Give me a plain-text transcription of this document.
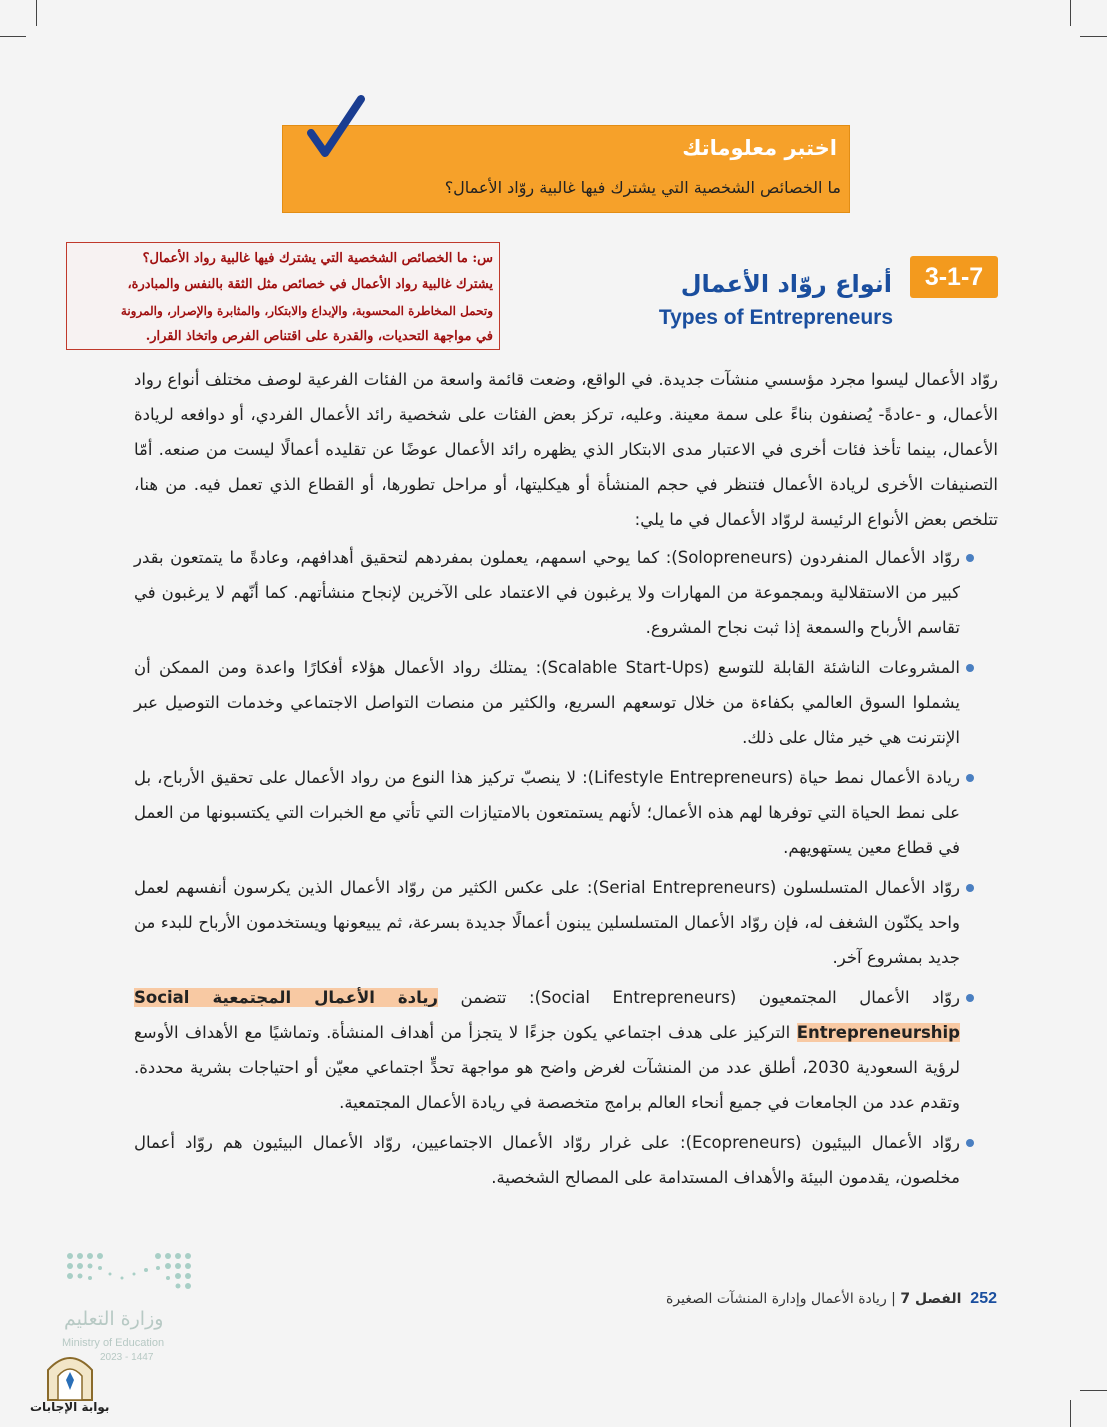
اختبر معلوماتك
ما الخصائص الشخصية التي يشترك فيها غالبية روّاد الأعمال؟
س: ما الخصائص الشخصية التي يشترك فيها غالبية رواد الأعمال؟
يشترك غالبية رواد الأعمال في خصائص مثل الثقة بالنفس والمبادرة،
وتحمل المخاطرة المحسوبة، والإبداع والابتكار، والمثابرة والإصرار، والمرونة
في مواجهة التحديات، والقدرة على اقتناص الفرص واتخاذ القرار.
3-1-7
أنواع روّاد الأعمال
Types of Entrepreneurs

روّاد الأعمال ليسوا مجرد مؤسسي منشآت جديدة. في الواقع، وضعت قائمة واسعة من الفئات الفرعية لوصف مختلف أنواع رواد الأعمال، و -عادةً- يُصنفون بناءً على سمة معينة. وعليه، تركز بعض الفئات على شخصية رائد الأعمال الفردي، أو دوافعه لريادة الأعمال، بينما تأخذ فئات أخرى في الاعتبار مدى الابتكار الذي يظهره رائد الأعمال عوضًا عن تقليده أعمالًا ليست من صنعه. أمّا التصنيفات الأخرى لريادة الأعمال فتنظر في حجم المنشأة أو هيكليتها، أو مراحل تطورها، أو القطاع الذي تعمل فيه. من هنا، تتلخص بعض الأنواع الرئيسة لروّاد الأعمال في ما يلي:

روّاد الأعمال المنفردون (Solopreneurs): كما يوحي اسمهم، يعملون بمفردهم لتحقيق أهدافهم، وعادةً ما يتمتعون بقدر كبير من الاستقلالية وبمجموعة من المهارات ولا يرغبون في الاعتماد على الآخرين لإنجاح منشأتهم. كما أنّهم لا يرغبون في تقاسم الأرباح والسمعة إذا ثبت نجاح المشروع.
المشروعات الناشئة القابلة للتوسع (Scalable Start-Ups): يمتلك رواد الأعمال هؤلاء أفكارًا واعدة ومن الممكن أن يشملوا السوق العالمي بكفاءة من خلال توسعهم السريع، والكثير من منصات التواصل الاجتماعي وخدمات التوصيل عبر الإنترنت هي خير مثال على ذلك.
ريادة الأعمال نمط حياة (Lifestyle Entrepreneurs): لا ينصبّ تركيز هذا النوع من رواد الأعمال على تحقيق الأرباح، بل على نمط الحياة التي توفرها لهم هذه الأعمال؛ لأنهم يستمتعون بالامتيازات التي تأتي مع الخبرات التي يكتسبونها من العمل في قطاع معين يستهويهم.
روّاد الأعمال المتسلسلون (Serial Entrepreneurs): على عكس الكثير من روّاد الأعمال الذين يكرسون أنفسهم لعمل واحد يكنّون الشغف له، فإن روّاد الأعمال المتسلسلين يبنون أعمالًا جديدة بسرعة، ثم يبيعونها ويستخدمون الأرباح للبدء من جديد بمشروع آخر.
روّاد الأعمال المجتمعيون (Social Entrepreneurs): تتضمن ريادة الأعمال المجتمعية Social Entrepreneurship التركيز على هدف اجتماعي يكون جزءًا لا يتجزأ من أهداف المنشأة. وتماشيًا مع الأهداف الأوسع لرؤية السعودية 2030، أطلق عدد من المنشآت لغرض واضح هو مواجهة تحدٍّ اجتماعي معيّن أو احتياجات بشرية محددة. وتقدم عدد من الجامعات في جميع أنحاء العالم برامج متخصصة في ريادة الأعمال المجتمعية.
روّاد الأعمال البيئيون (Ecopreneurs): على غرار روّاد الأعمال الاجتماعيين، روّاد الأعمال البيئيون هم روّاد أعمال مخلصون، يقدمون البيئة والأهداف المستدامة على المصالح الشخصية.
وزارة التعليم
Ministry of Education
2023 - 1447
252  الفصل 7 | ريادة الأعمال وإدارة المنشآت الصغيرة
بوابة الإجابات
